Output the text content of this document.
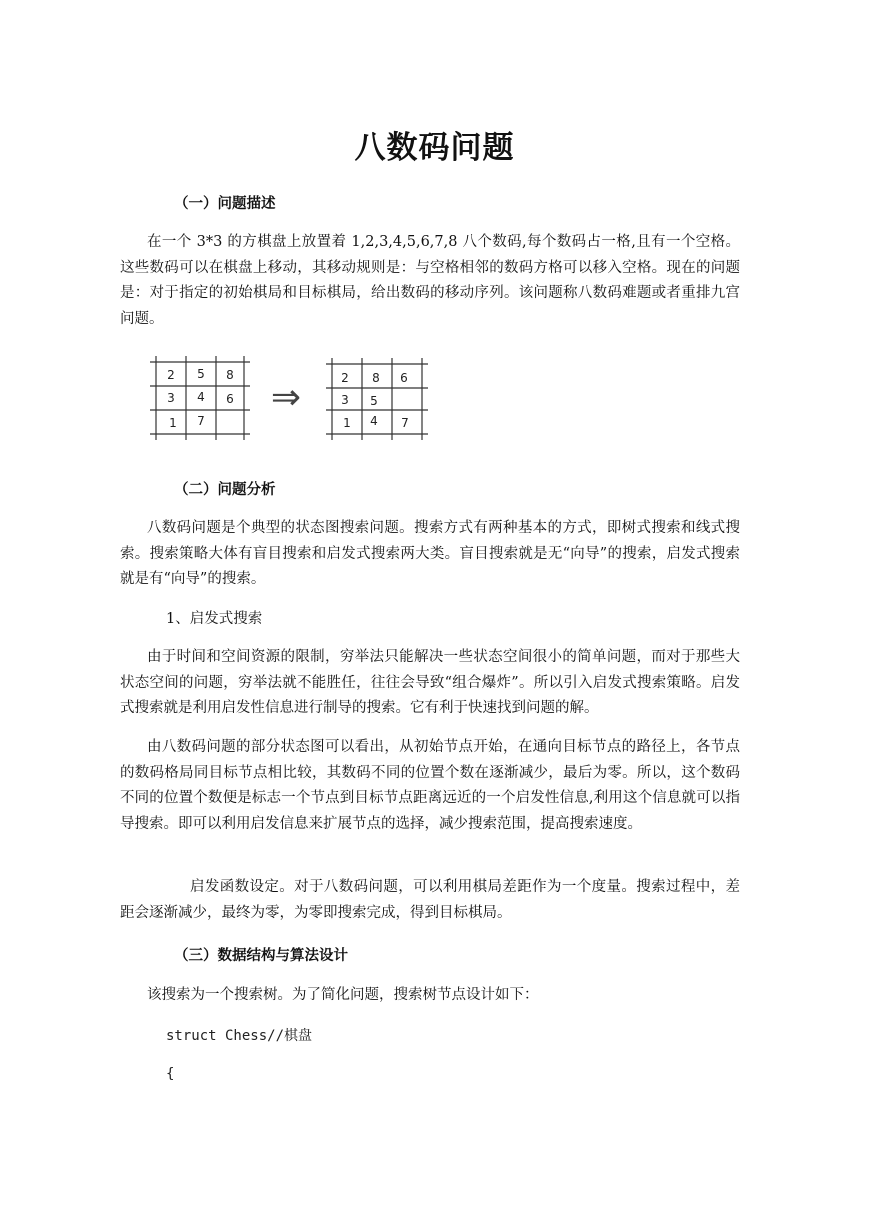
八数码问题
（一）问题描述
在一个 3*3 的方棋盘上放置着 1,2,3,4,5,6,7,8 八个数码,每个数码占一格,且有一个空格。这些数码可以在棋盘上移动，其移动规则是：与空格相邻的数码方格可以移入空格。现在的问题是：对于指定的初始棋局和目标棋局，给出数码的移动序列。该问题称八数码难题或者重排九宫问题。
2 5 8
3 4 6
1 7
⇒	2 8 6
3 5
1 4 7
（二）问题分析
八数码问题是个典型的状态图搜索问题。搜索方式有两种基本的方式，即树式搜索和线式搜索。搜索策略大体有盲目搜索和启发式搜索两大类。盲目搜索就是无“向导”的搜索，启发式搜索就是有“向导”的搜索。
1、启发式搜索
由于时间和空间资源的限制，穷举法只能解决一些状态空间很小的简单问题，而对于那些大状态空间的问题，穷举法就不能胜任，往往会导致“组合爆炸”。所以引入启发式搜索策略。启发式搜索就是利用启发性信息进行制导的搜索。它有利于快速找到问题的解。
由八数码问题的部分状态图可以看出，从初始节点开始，在通向目标节点的路径上，各节点的数码格局同目标节点相比较，其数码不同的位置个数在逐渐减少，最后为零。所以，这个数码不同的位置个数便是标志一个节点到目标节点距离远近的一个启发性信息,利用这个信息就可以指导搜索。即可以利用启发信息来扩展节点的选择，减少搜索范围，提高搜索速度。
启发函数设定。对于八数码问题，可以利用棋局差距作为一个度量。搜索过程中，差距会逐渐减少，最终为零，为零即搜索完成，得到目标棋局。
（三）数据结构与算法设计
该搜索为一个搜索树。为了简化问题，搜索树节点设计如下：
struct Chess//棋盘
{
